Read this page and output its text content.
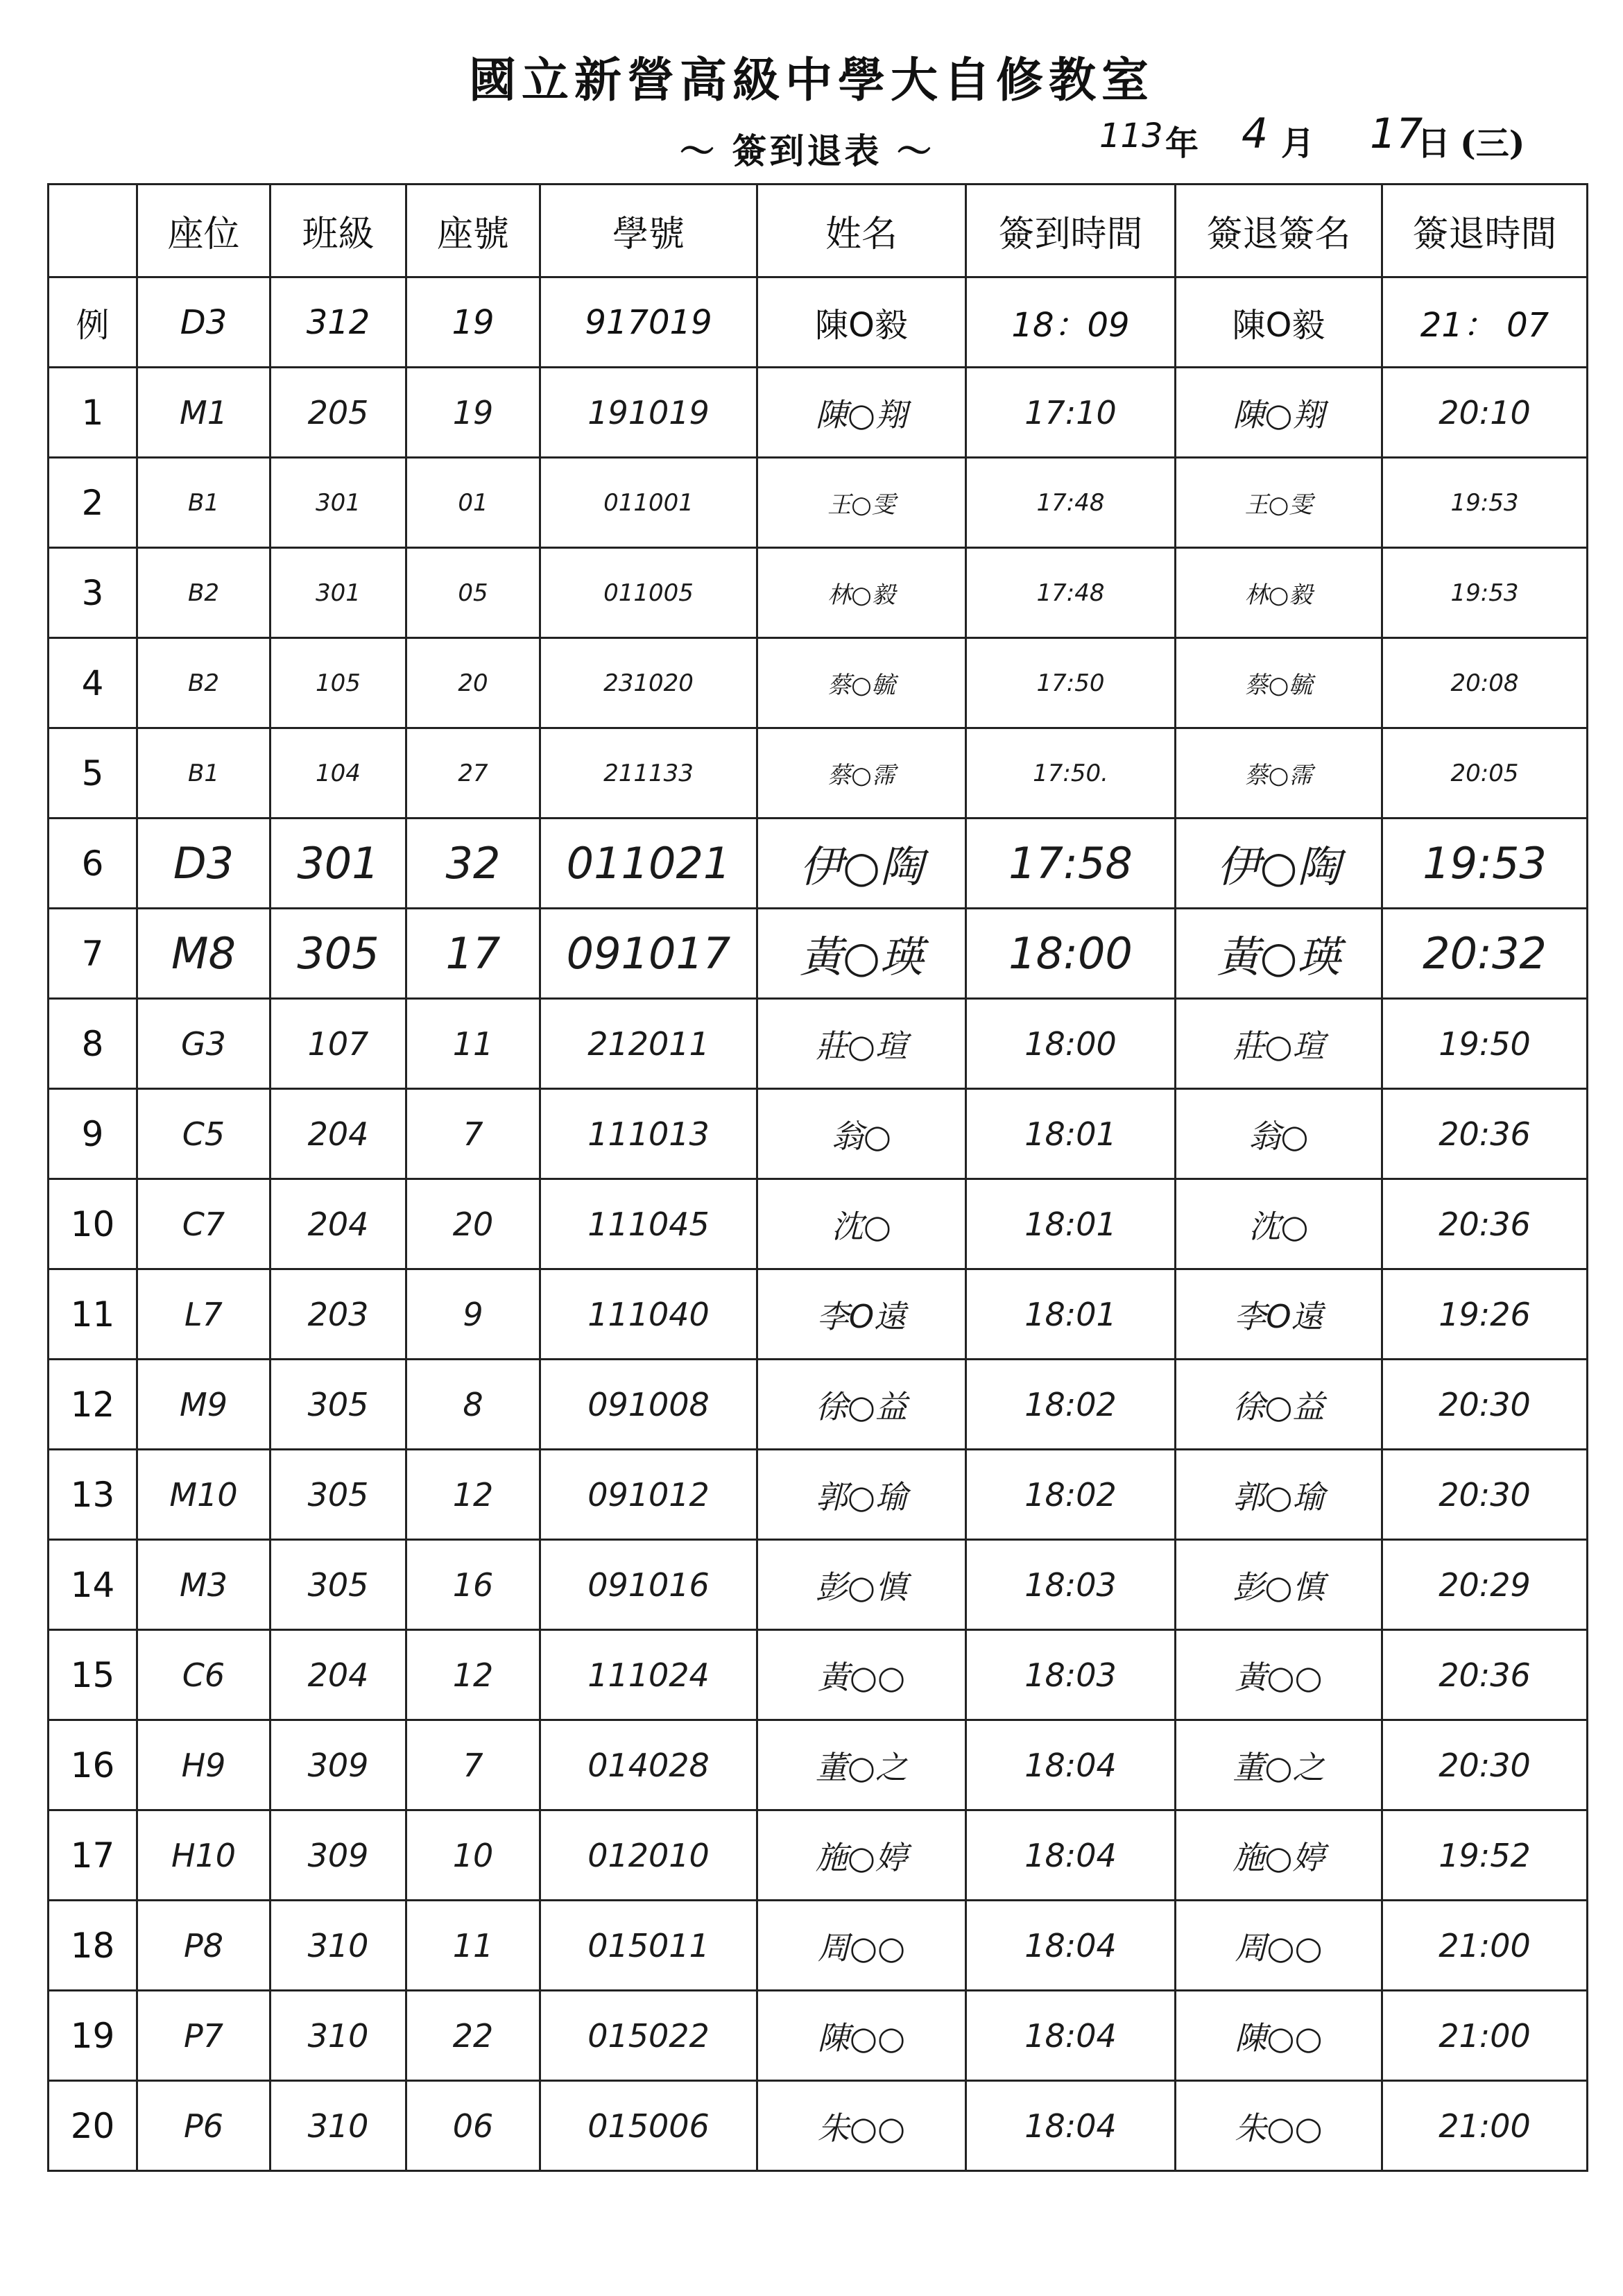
國立新營高級中學大自修教室
〜 簽到退表 〜	113 年 4 月 17
日 (三)
	座位	班級	座號	學號	姓名	簽到時間	簽退簽名	簽退時間
例	D3	312	19	917019	陳O毅	18：09	陳O毅	21： 07
1	M1	205	19	191019	陳○翔	17:10	陳○翔	20:10
2	B1	301	01	011001	王○雯	17:48	王○雯	19:53
3	B2	301	05	011005	林○毅	17:48	林○毅	19:53
4	B2	105	20	231020	蔡○毓	17:50	蔡○毓	20:08
5	B1	104	27	211133	蔡○霈	17:50.	蔡○霈	20:05
6	D3	301	32	011021	伊○陶	17:58	伊○陶	19:53
7	M8	305	17	091017	黃○瑛	18:00	黃○瑛	20:32
8	G3	107	11	212011	莊○瑄	18:00	莊○瑄	19:50
9	C5	204	7	111013	翁○	18:01	翁○	20:36
10	C7	204	20	111045	沈○	18:01	沈○	20:36
11	L7	203	9	111040	李O遠	18:01	李O遠	19:26
12	M9	305	8	091008	徐○益	18:02	徐○益	20:30
13	M10	305	12	091012	郭○瑜	18:02	郭○瑜	20:30
14	M3	305	16	091016	彭○慎	18:03	彭○慎	20:29
15	C6	204	12	111024	黃○○	18:03	黃○○	20:36
16	H9	309	7	014028	董○之	18:04	董○之	20:30
17	H10	309	10	012010	施○婷	18:04	施○婷	19:52
18	P8	310	11	015011	周○○	18:04	周○○	21:00
19	P7	310	22	015022	陳○○	18:04	陳○○	21:00
20	P6	310	06	015006	朱○○	18:04	朱○○	21:00
